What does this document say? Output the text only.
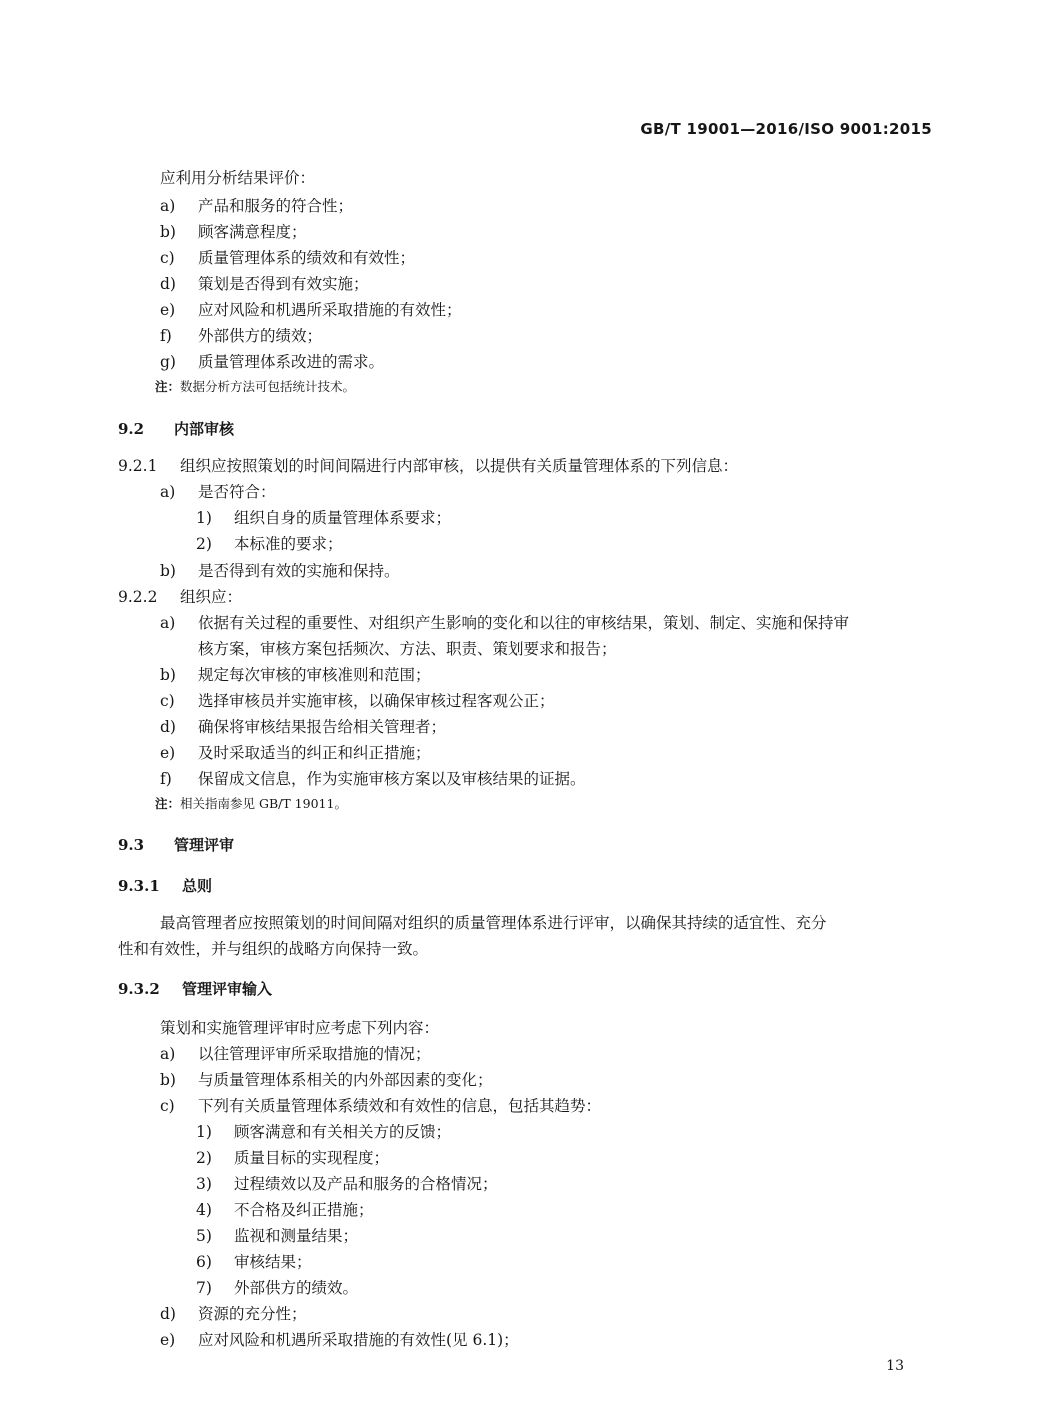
GB/T 19001—2016/ISO 9001:2015
应利用分析结果评价：
a) 产品和服务的符合性；
b) 顾客满意程度；
c) 质量管理体系的绩效和有效性；
d) 策划是否得到有效实施；
e) 应对风险和机遇所采取措施的有效性；
f) 外部供方的绩效；
g) 质量管理体系改进的需求。
注：数据分析方法可包括统计技术。
9.2 内部审核
9.2.1 组织应按照策划的时间间隔进行内部审核，以提供有关质量管理体系的下列信息：
a) 是否符合：
1) 组织自身的质量管理体系要求；
2) 本标准的要求；
b) 是否得到有效的实施和保持。
9.2.2 组织应：
a) 依据有关过程的重要性、对组织产生影响的变化和以往的审核结果，策划、制定、实施和保持审
核方案，审核方案包括频次、方法、职责、策划要求和报告；
b) 规定每次审核的审核准则和范围；
c) 选择审核员并实施审核，以确保审核过程客观公正；
d) 确保将审核结果报告给相关管理者；
e) 及时采取适当的纠正和纠正措施；
f) 保留成文信息，作为实施审核方案以及审核结果的证据。
注：相关指南参见 GB/T 19011。
9.3 管理评审
9.3.1 总则
最高管理者应按照策划的时间间隔对组织的质量管理体系进行评审，以确保其持续的适宜性、充分
性和有效性，并与组织的战略方向保持一致。
9.3.2 管理评审输入
策划和实施管理评审时应考虑下列内容：
a) 以往管理评审所采取措施的情况；
b) 与质量管理体系相关的内外部因素的变化；
c) 下列有关质量管理体系绩效和有效性的信息，包括其趋势：
1) 顾客满意和有关相关方的反馈；
2) 质量目标的实现程度；
3) 过程绩效以及产品和服务的合格情况；
4) 不合格及纠正措施；
5) 监视和测量结果；
6) 审核结果；
7) 外部供方的绩效。
d) 资源的充分性；
e) 应对风险和机遇所采取措施的有效性(见 6.1)；
13
